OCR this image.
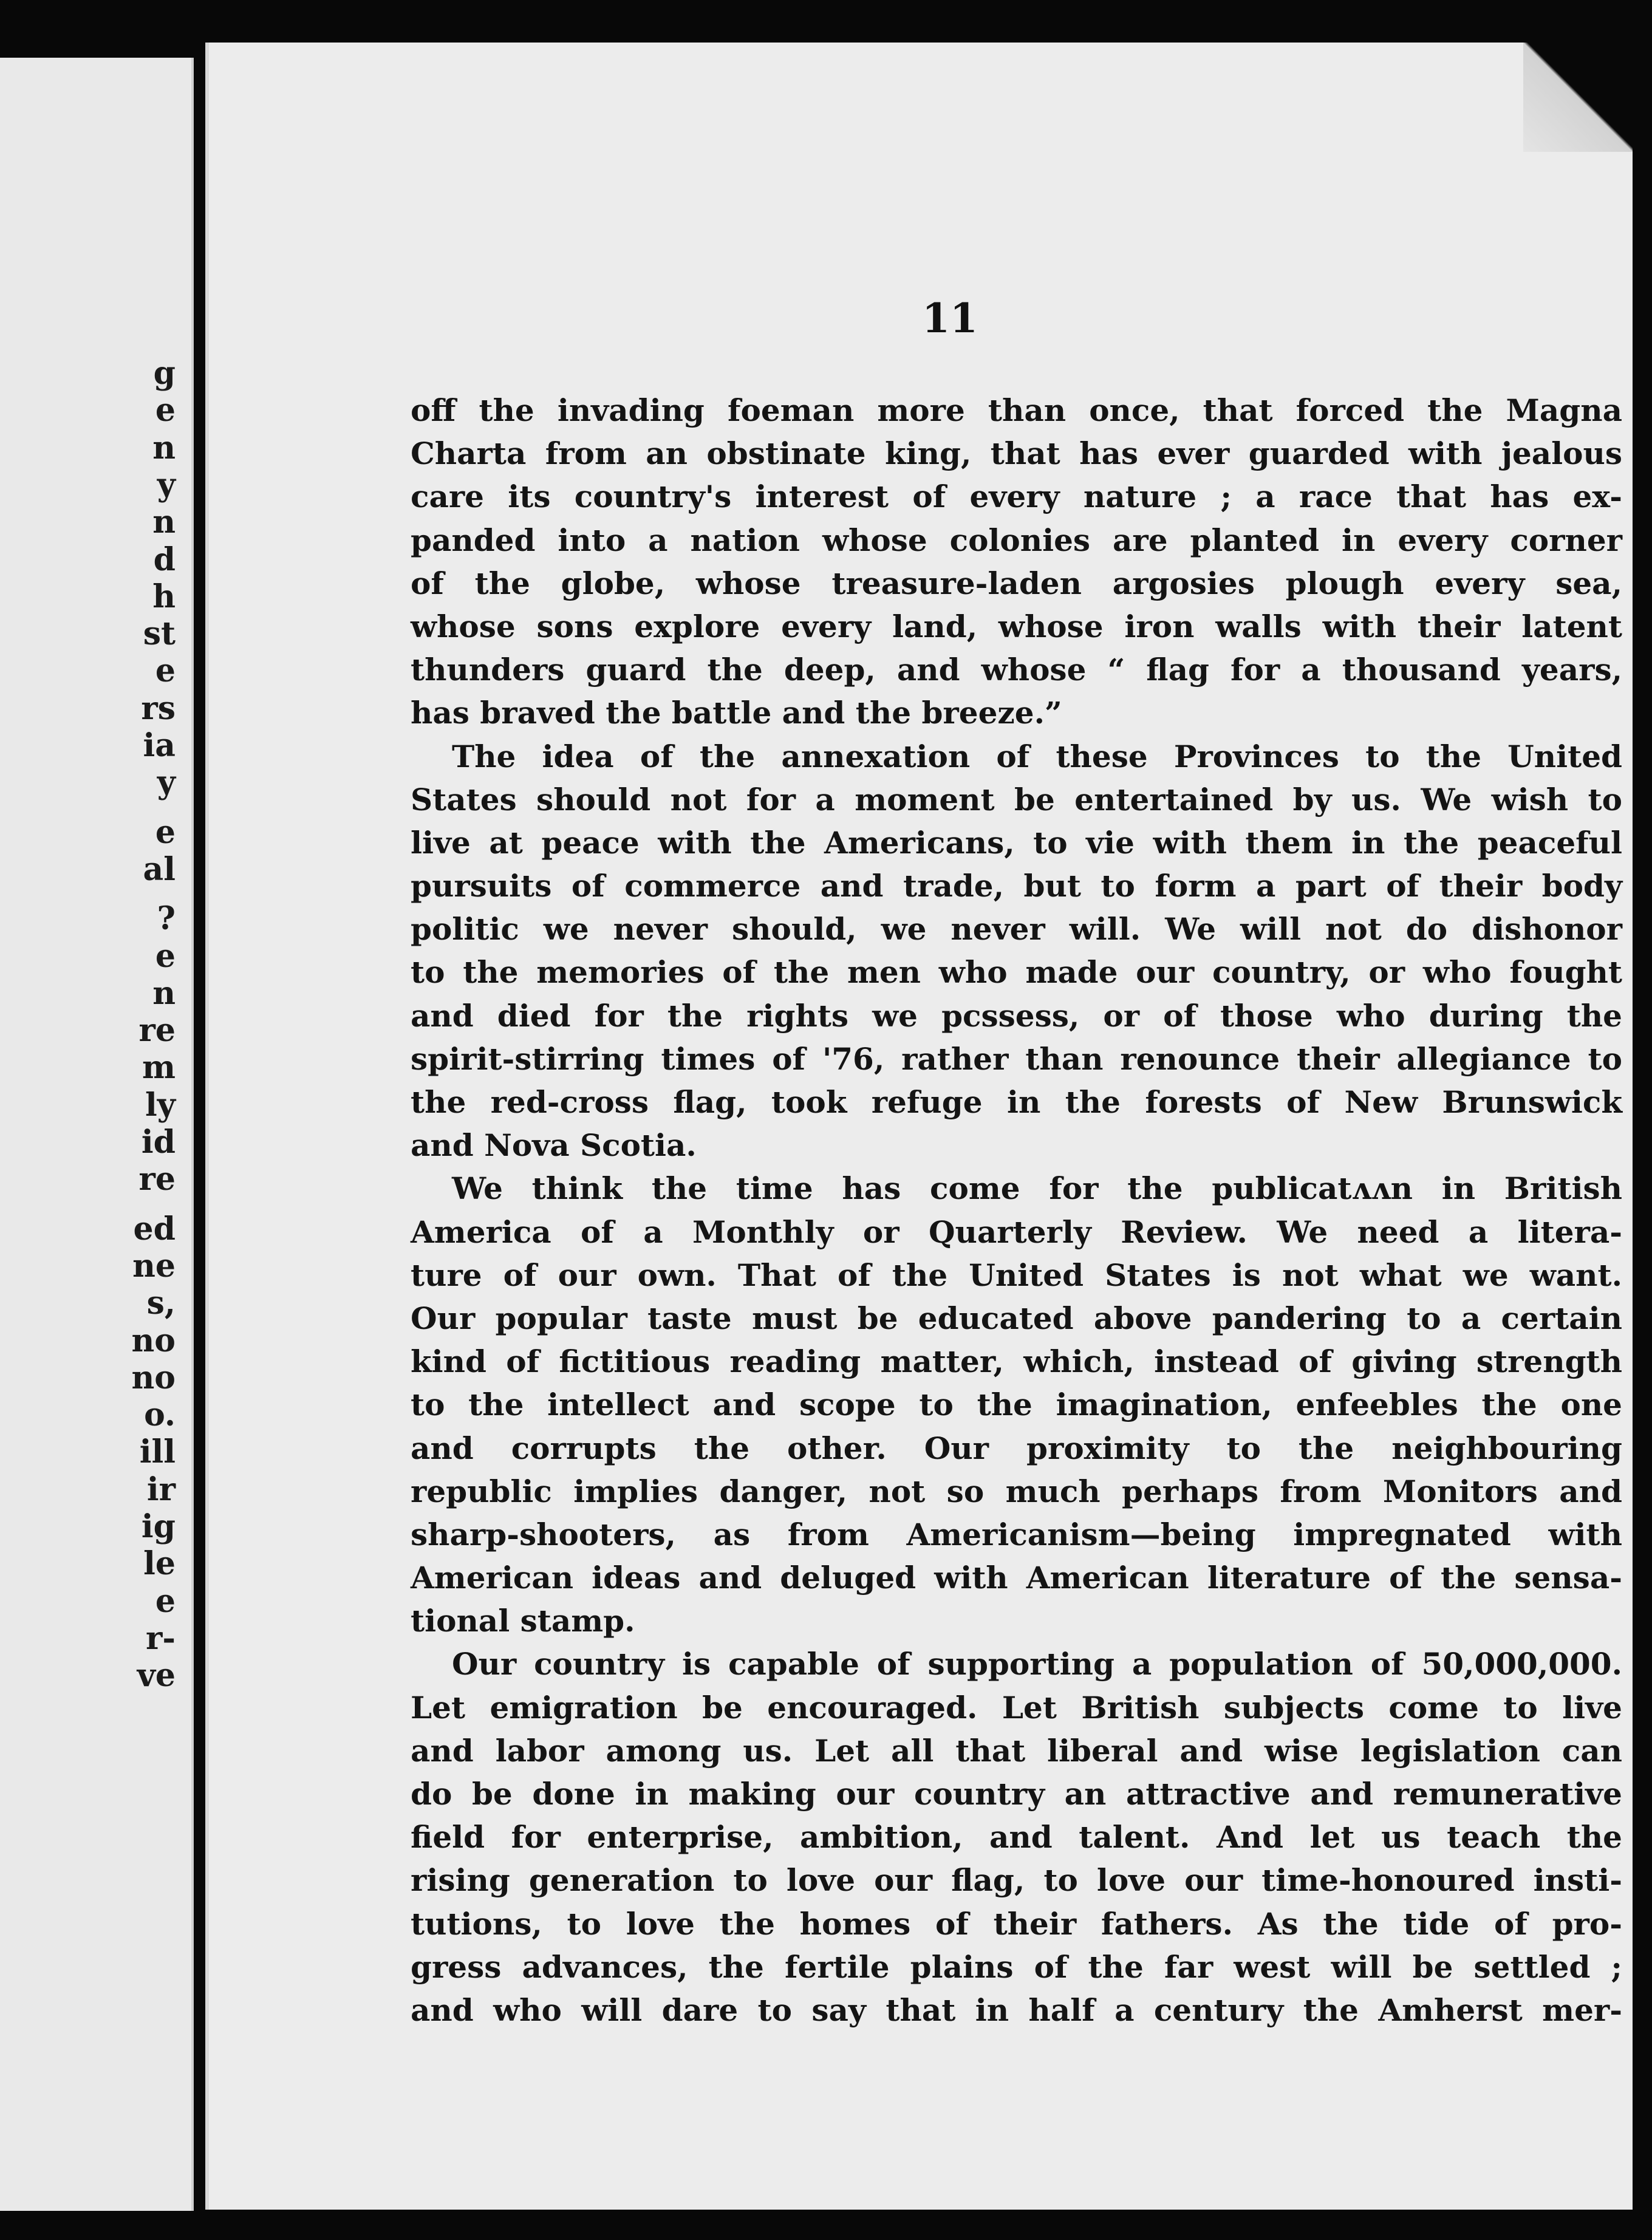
g
e
n
y
n
d
h
st
e
rs
ia
y
e
al
?
e
n
re
m
ly
id
re
ed
ne
s,
no
no
o.
ill
ir
ig
le
e
r-
ve
11
off the invading foeman more than once, that forced the Magna
Charta from an obstinate king, that has ever guarded with jealous
care its country's interest of every nature ; a race that has ex-
panded into a nation whose colonies are planted in every corner
of the globe, whose treasure-laden argosies plough every sea,
whose sons explore every land, whose iron walls with their latent
thunders guard the deep, and whose “ flag for a thousand years,
has braved the battle and the breeze.”
The idea of the annexation of these Provinces to the United
States should not for a moment be entertained by us. We wish to
live at peace with the Americans, to vie with them in the peaceful
pursuits of commerce and trade, but to form a part of their body
politic we never should, we never will. We will not do dishonor
to the memories of the men who made our country, or who fought
and died for the rights we pcssess, or of those who during the
spirit-stirring times of '76, rather than renounce their allegiance to
the red-cross flag, took refuge in the forests of New Brunswick
and Nova Scotia.
We think the time has come for the publicatʌʌn in British
America of a Monthly or Quarterly Review. We need a litera-
ture of our own. That of the United States is not what we want.
Our popular taste must be educated above pandering to a certain
kind of fictitious reading matter, which, instead of giving strength
to the intellect and scope to the imagination, enfeebles the one
and corrupts the other. Our proximity to the neighbouring
republic implies danger, not so much perhaps from Monitors and
sharp-shooters, as from Americanism—being impregnated with
American ideas and deluged with American literature of the sensa-
tional stamp.
Our country is capable of supporting a population of 50,000,000.
Let emigration be encouraged. Let British subjects come to live
and labor among us. Let all that liberal and wise legislation can
do be done in making our country an attractive and remunerative
field for enterprise, ambition, and talent. And let us teach the
rising generation to love our flag, to love our time-honoured insti-
tutions, to love the homes of their fathers. As the tide of pro-
gress advances, the fertile plains of the far west will be settled ;
and who will dare to say that in half a century the Amherst mer-
